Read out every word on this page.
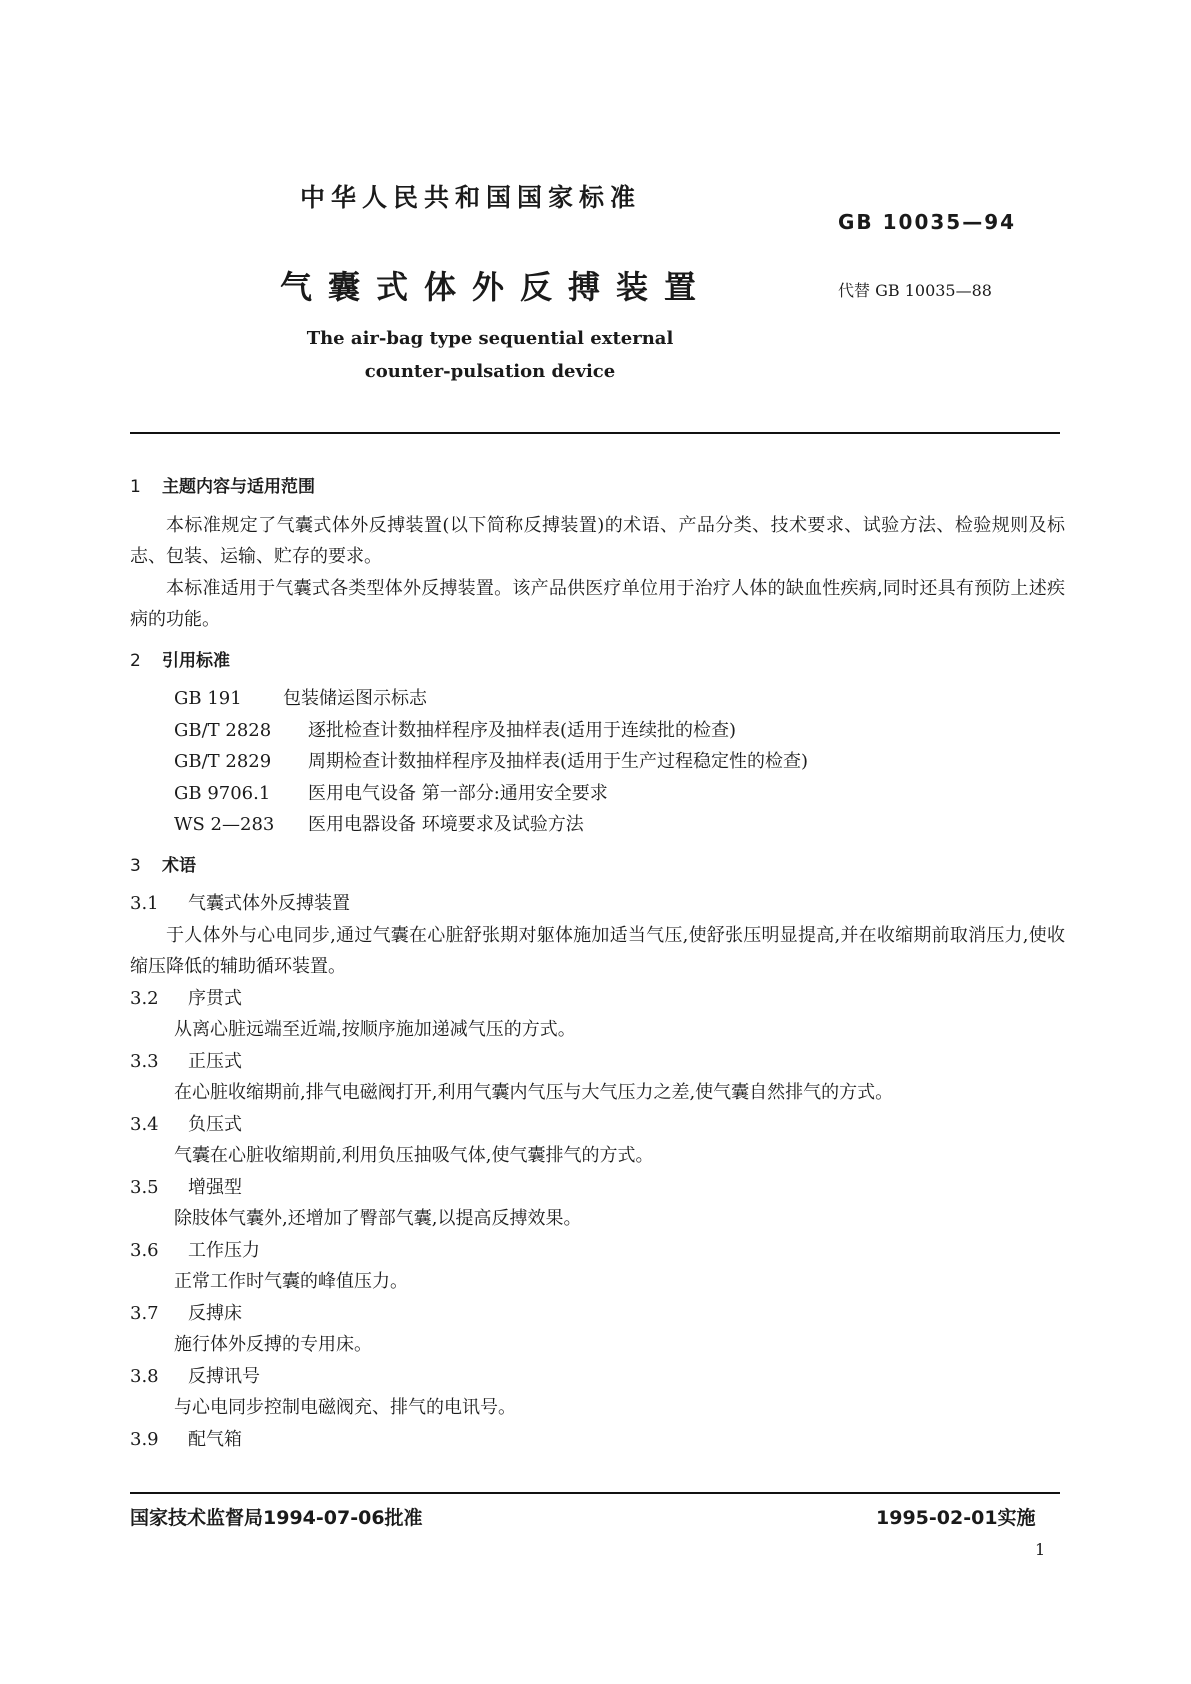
中华人民共和国国家标准
GB 10035—94
气囊式体外反搏装置	代替 GB 10035—88
The air-bag type sequential external
counter-pulsation device
1 主题内容与适用范围
本标准规定了气囊式体外反搏装置(以下简称反搏装置)的术语、产品分类、技术要求、试验方法、检验规则及标志、包装、运输、贮存的要求。
本标准适用于气囊式各类型体外反搏装置。该产品供医疗单位用于治疗人体的缺血性疾病,同时还具有预防上述疾病的功能。
2 引用标准
GB 191 包装储运图示标志
GB/T 2828 逐批检查计数抽样程序及抽样表(适用于连续批的检查)
GB/T 2829 周期检查计数抽样程序及抽样表(适用于生产过程稳定性的检查)
GB 9706.1 医用电气设备 第一部分:通用安全要求
WS 2—283 医用电器设备 环境要求及试验方法
3 术语
3.1 气囊式体外反搏装置
于人体外与心电同步,通过气囊在心脏舒张期对躯体施加适当气压,使舒张压明显提高,并在收缩期前取消压力,使收缩压降低的辅助循环装置。
3.2 序贯式
从离心脏远端至近端,按顺序施加递减气压的方式。
3.3 正压式
在心脏收缩期前,排气电磁阀打开,利用气囊内气压与大气压力之差,使气囊自然排气的方式。
3.4 负压式
气囊在心脏收缩期前,利用负压抽吸气体,使气囊排气的方式。
3.5 增强型
除肢体气囊外,还增加了臀部气囊,以提高反搏效果。
3.6 工作压力
正常工作时气囊的峰值压力。
3.7 反搏床
施行体外反搏的专用床。
3.8 反搏讯号
与心电同步控制电磁阀充、排气的电讯号。
3.9 配气箱
国家技术监督局1994-07-06批准	1995-02-01实施
1
